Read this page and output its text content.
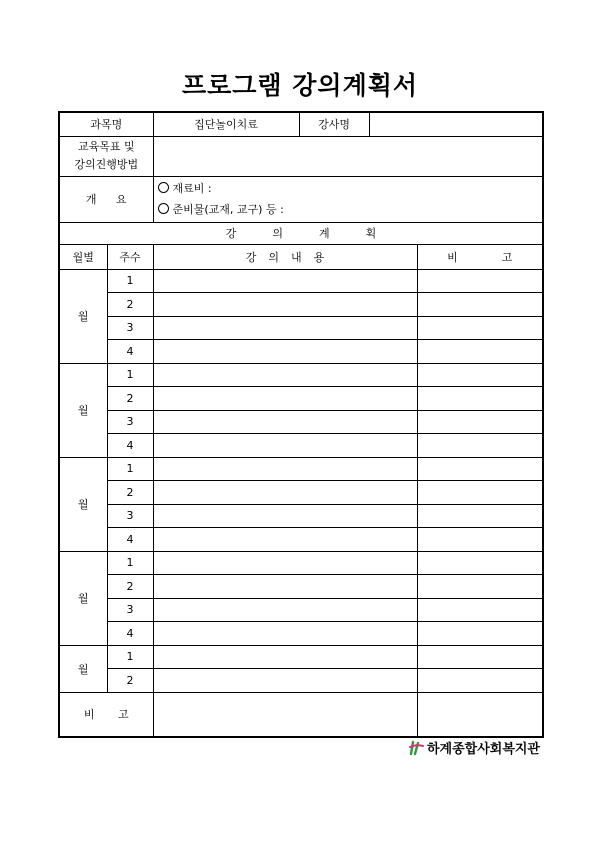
프로그램 강의계획서
과목명		집단놀이치료	강사명		

교육목표 및
강의진행방법					

개 요		재료비 :
준비물(교재, 교구) 등 :			

강 의 계 획					
월별	주수	강 의 내 용			비 고
월	1				
	2				
	3				
	4				
월	1				
	2				
	3				
	4				
월	1				
	2				
	3				
	4				
월	1				
	2				
	3				
	4				
월	1				
	2				
비 고					
하계종합사회복지관
